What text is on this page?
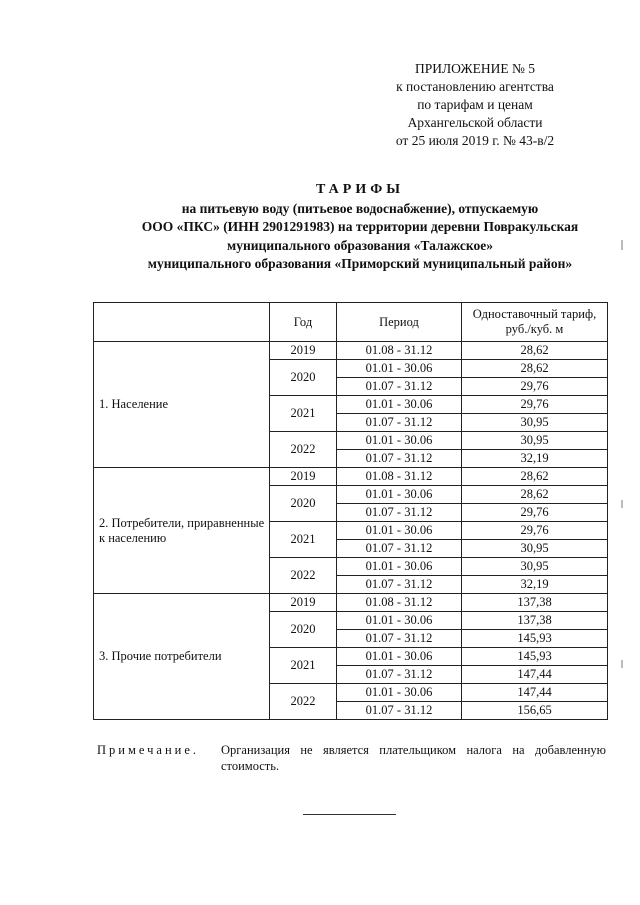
ПРИЛОЖЕНИЕ № 5
к постановлению агентства
по тарифам и ценам
Архангельской области
от 25 июля 2019 г. № 43-в/2
ТАРИФЫ
на питьевую воду (питьевое водоснабжение), отпускаемую
ООО «ПКС» (ИНН 2901291983) на территории деревни Повракульская
муниципального образования «Талажское»
муниципального образования «Приморский муниципальный район»
	Год	Период	Одноставочный тариф, руб./куб. м
1. Население	2019	01.08 - 31.12	28,62
	2020	01.01 - 30.06	28,62
		01.07 - 31.12	29,76
	2021	01.01 - 30.06	29,76
		01.07 - 31.12	30,95
	2022	01.01 - 30.06	30,95
		01.07 - 31.12	32,19
2. Потребители, приравненные к населению	2019	01.08 - 31.12	28,62
	2020	01.01 - 30.06	28,62
		01.07 - 31.12	29,76
	2021	01.01 - 30.06	29,76
		01.07 - 31.12	30,95
	2022	01.01 - 30.06	30,95
		01.07 - 31.12	32,19
3. Прочие потребители	2019	01.08 - 31.12	137,38
	2020	01.01 - 30.06	137,38
		01.07 - 31.12	145,93
	2021	01.01 - 30.06	145,93
		01.07 - 31.12	147,44
	2022	01.01 - 30.06	147,44
		01.07 - 31.12	156,65
Примечание. Организация не является плательщиком налога на добавленную стоимость.
